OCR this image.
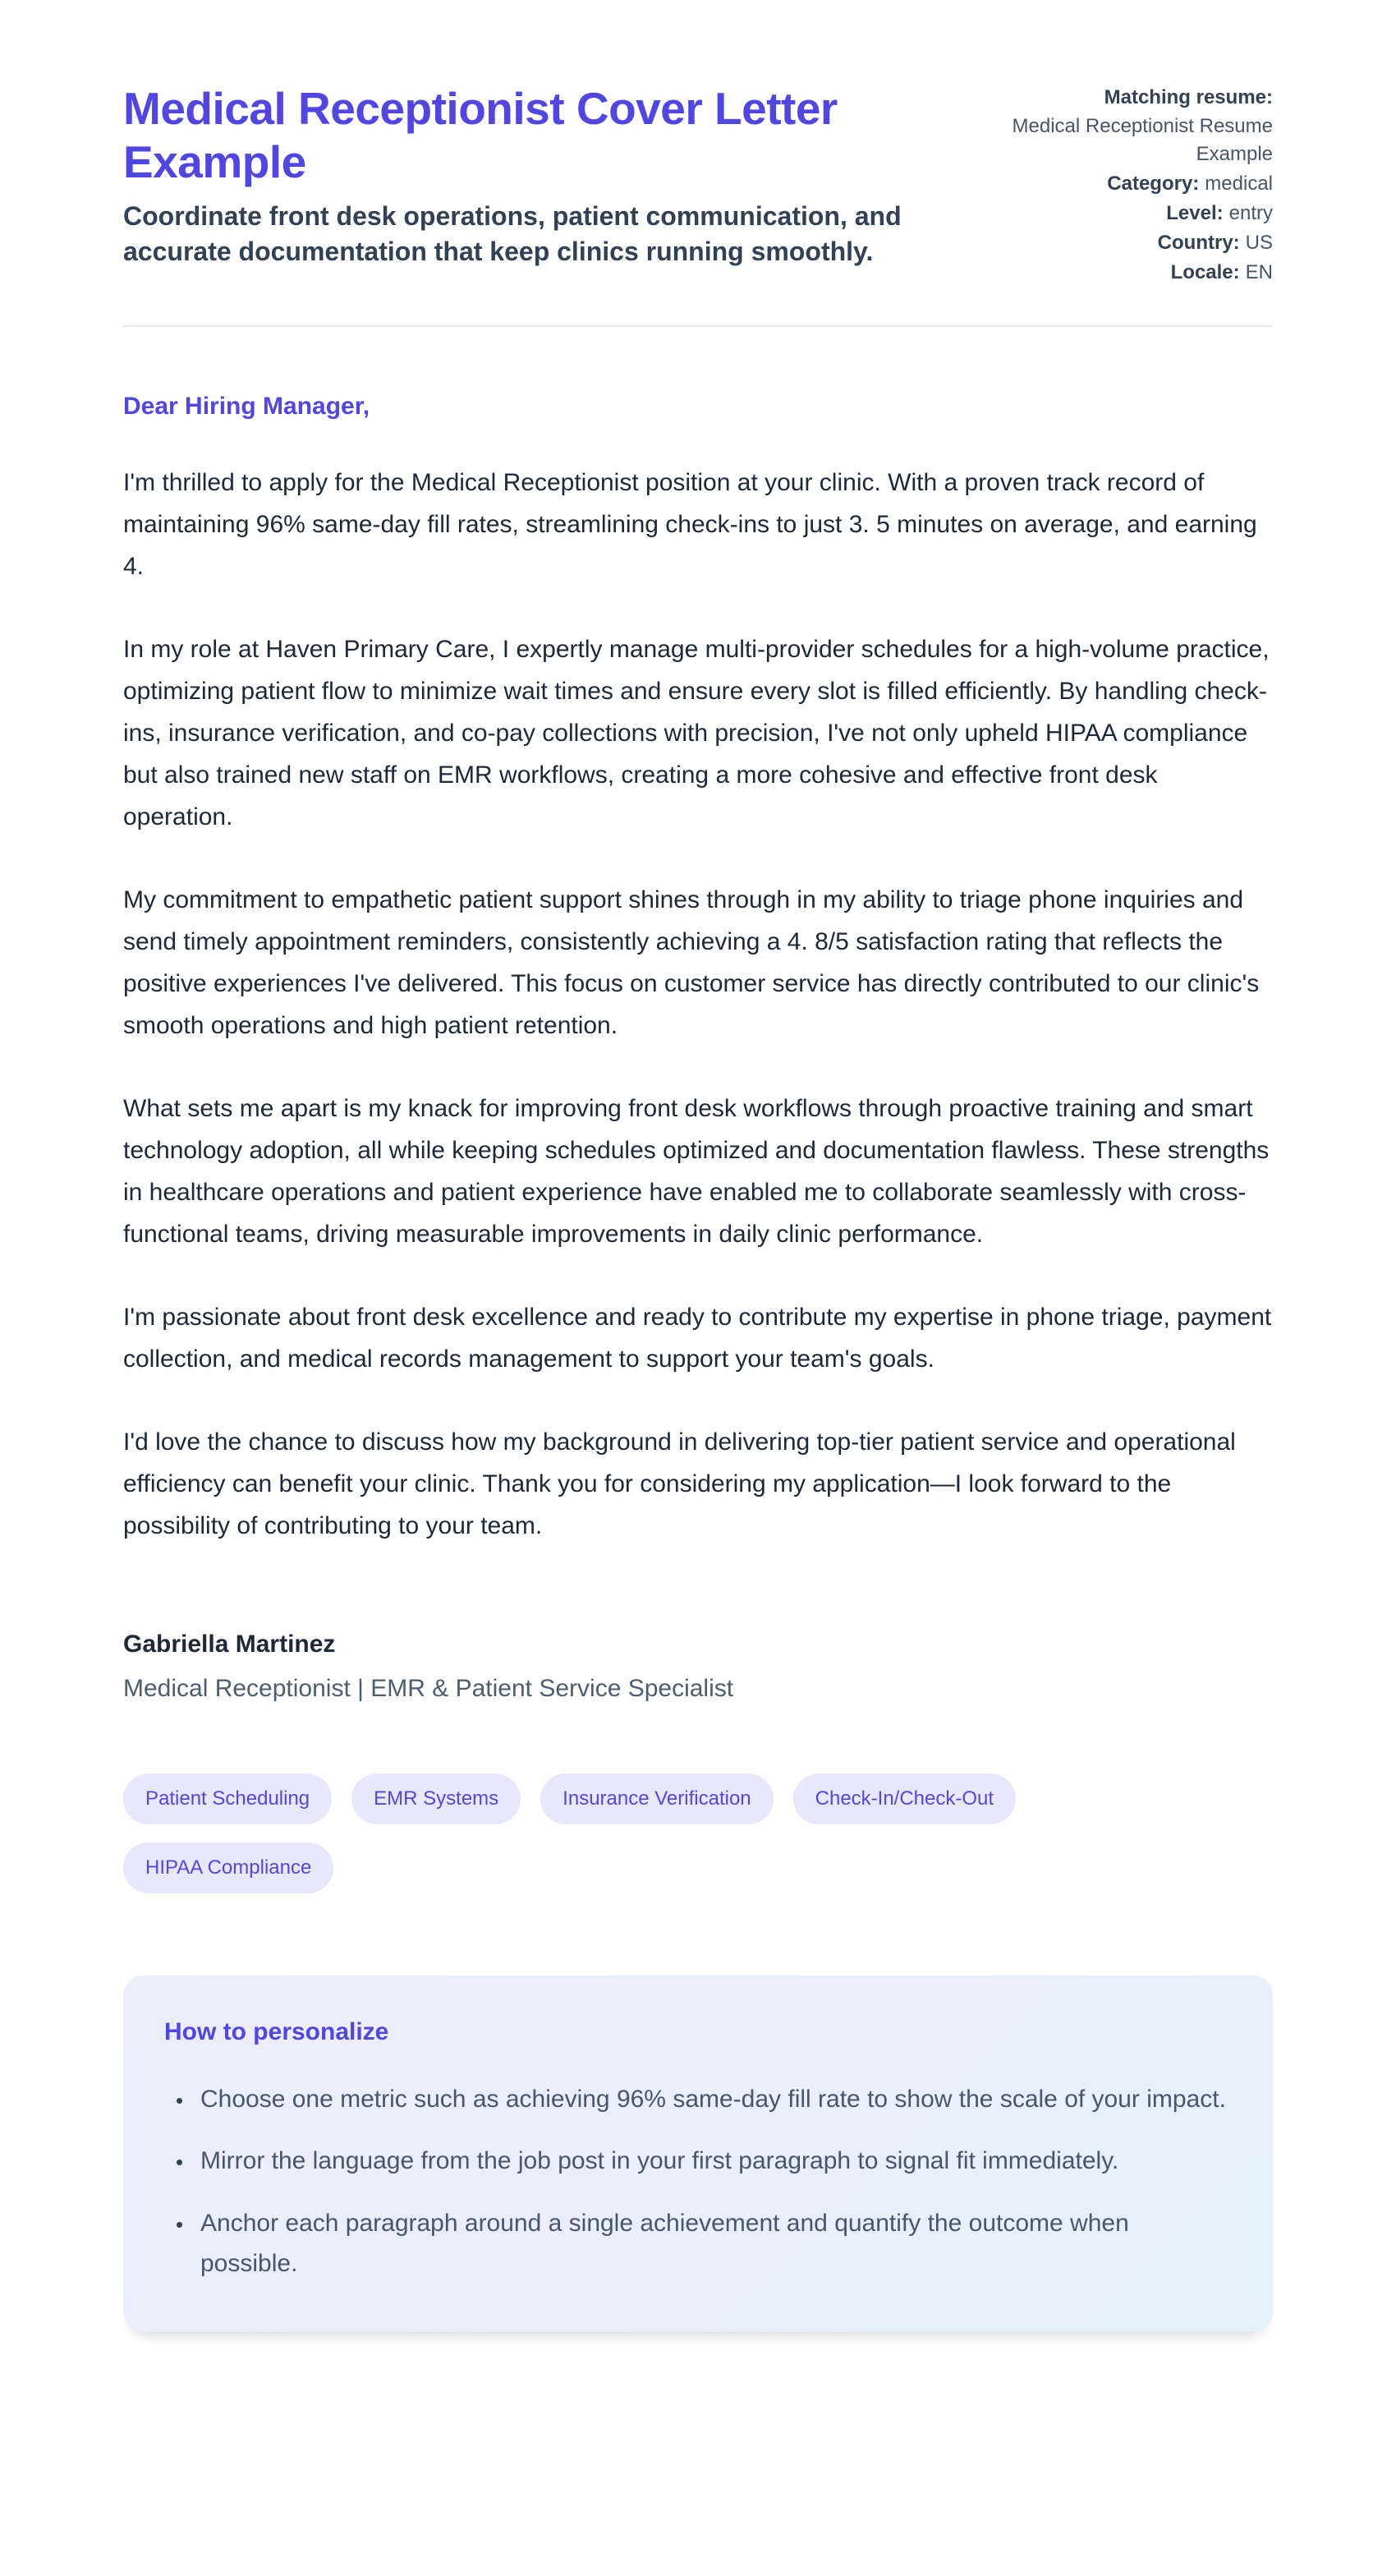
Medical Receptionist Cover Letter Example

Coordinate front desk operations, patient communication, and accurate documentation that keep clinics running smoothly.

Matching resume:
Medical Receptionist Resume Example
Category: medical
Level: entry
Country: US
Locale: EN

Dear Hiring Manager,

I'm thrilled to apply for the Medical Receptionist position at your clinic. With a proven track record of maintaining 96% same-day fill rates, streamlining check-ins to just 3. 5 minutes on average, and earning 4.

In my role at Haven Primary Care, I expertly manage multi-provider schedules for a high-volume practice, optimizing patient flow to minimize wait times and ensure every slot is filled efficiently. By handling check-ins, insurance verification, and co-pay collections with precision, I've not only upheld HIPAA compliance but also trained new staff on EMR workflows, creating a more cohesive and effective front desk operation.

My commitment to empathetic patient support shines through in my ability to triage phone inquiries and send timely appointment reminders, consistently achieving a 4. 8/5 satisfaction rating that reflects the positive experiences I've delivered. This focus on customer service has directly contributed to our clinic's smooth operations and high patient retention.

What sets me apart is my knack for improving front desk workflows through proactive training and smart technology adoption, all while keeping schedules optimized and documentation flawless. These strengths in healthcare operations and patient experience have enabled me to collaborate seamlessly with cross-functional teams, driving measurable improvements in daily clinic performance.

I'm passionate about front desk excellence and ready to contribute my expertise in phone triage, payment collection, and medical records management to support your team's goals.

I'd love the chance to discuss how my background in delivering top-tier patient service and operational efficiency can benefit your clinic. Thank you for considering my application—I look forward to the possibility of contributing to your team.

Gabriella Martinez

Medical Receptionist | EMR & Patient Service Specialist

Patient Scheduling	EMR Systems	Insurance Verification	Check-In/Check-Out
HIPAA Compliance
How to personalize
• Choose one metric such as achieving 96% same-day fill rate to show the scale of your impact.
• Mirror the language from the job post in your first paragraph to signal fit immediately.
• Anchor each paragraph around a single achievement and quantify the outcome when possible.
